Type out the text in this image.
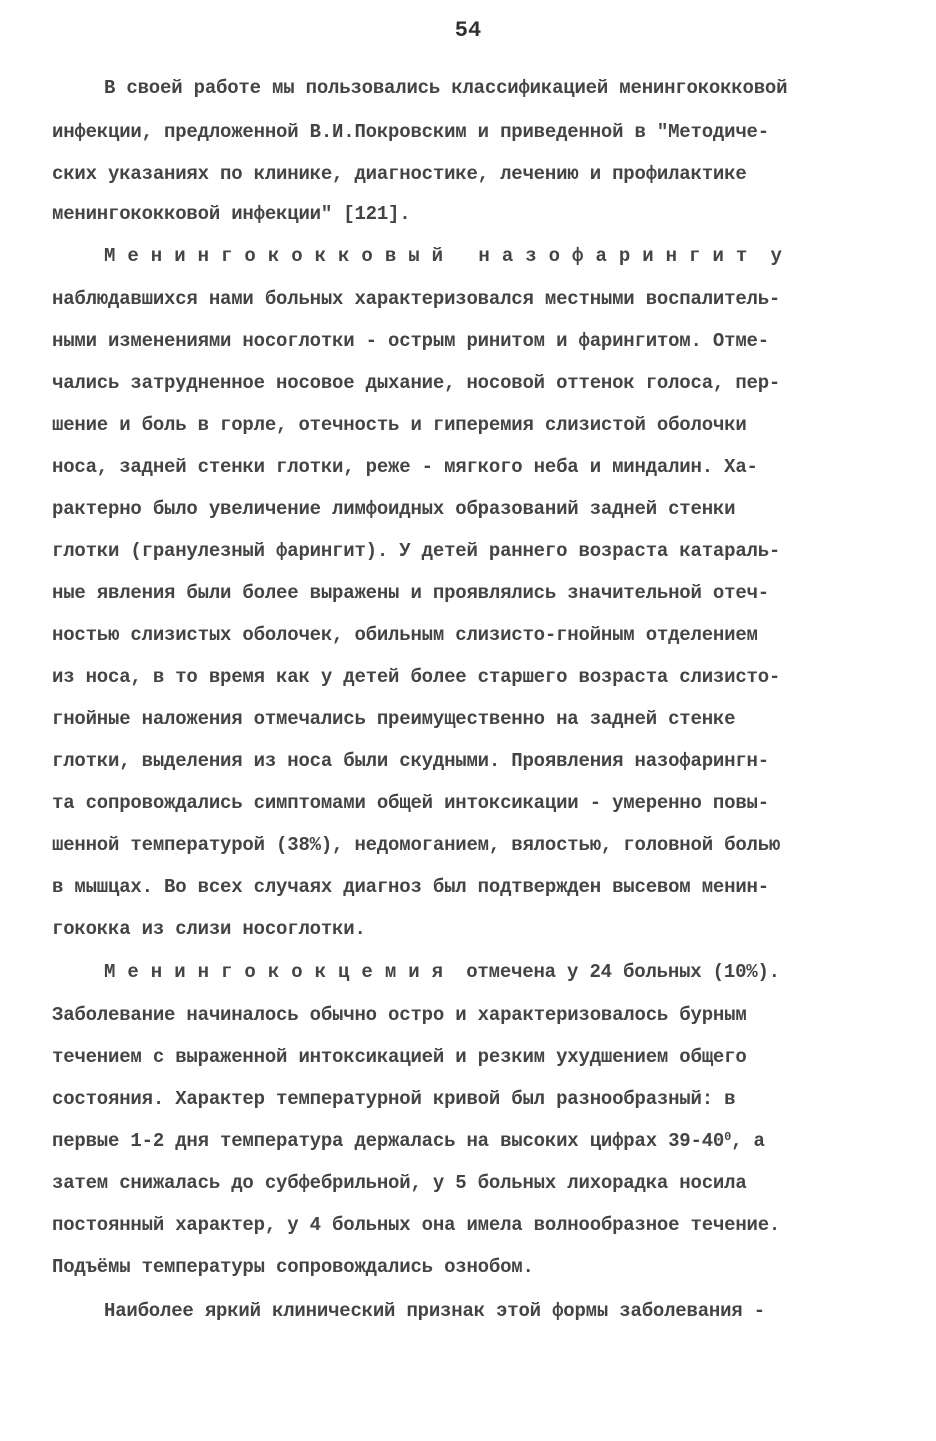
54
В своей работе мы пользовались классификацией менингококковой
инфекции, предложенной В.И.Покровским и приведенной в "Методиче-
ских указаниях по клинике, диагностике, лечению и профилактике
менингококковой инфекции" [121].
Менингококковый назофарингит у
наблюдавшихся нами больных характеризовался местными воспалитель-
ными изменениями носоглотки - острым ринитом и фарингитом. Отме-
чались затрудненное носовое дыхание, носовой оттенок голоса, пер-
шение и боль в горле, отечность и гиперемия слизистой оболочки
носа, задней стенки глотки, реже - мягкого неба и миндалин. Ха-
рактерно было увеличение лимфоидных образований задней стенки
глотки (гранулезный фарингит). У детей раннего возраста катараль-
ные явления были более выражены и проявлялись значительной отеч-
ностью слизистых оболочек, обильным слизисто-гнойным отделением
из носа, в то время как у детей более старшего возраста слизисто-
гнойные наложения отмечались преимущественно на задней стенке
глотки, выделения из носа были скудными. Проявления назофарингн-
та сопровождались симптомами общей интоксикации - умеренно повы-
шенной температурой (38%), недомоганием, вялостью, головной болью
в мышцах. Во всех случаях диагноз был подтвержден высевом менин-
гококка из слизи носоглотки.
Менингококцемия отмечена у 24 больных (10%).
Заболевание начиналось обычно остро и характеризовалось бурным
течением с выраженной интоксикацией и резким ухудшением общего
состояния. Характер температурной кривой был разнообразный: в
первые 1-2 дня температура держалась на высоких цифрах $39-40^0$, а
затем снижалась до субфебрильной, у 5 больных лихорадка носила
постоянный характер, у 4 больных она имела волнообразное течение.
Подъёмы температуры сопровождались ознобом.
Наиболее яркий клинический признак этой формы заболевания -
